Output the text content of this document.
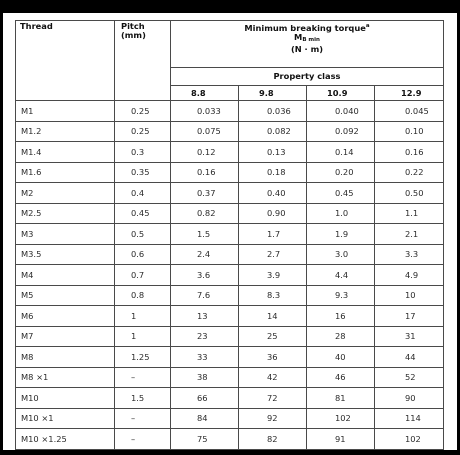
Thread	Pitch
(mm)	Minimum breaking torque$^a$
MB min
(N · m)			
		Property class			
		8.8	9.8	10.9	12.9
M1	0.25	0.033	0.036	0.040	0.045
M1.2	0.25	0.075	0.082	0.092	0.10
M1.4	0.3	0.12	0.13	0.14	0.16
M1.6	0.35	0.16	0.18	0.20	0.22
M2	0.4	0.37	0.40	0.45	0.50
M2.5	0.45	0.82	0.90	1.0	1.1
M3	0.5	1.5	1.7	1.9	2.1
M3.5	0.6	2.4	2.7	3.0	3.3
M4	0.7	3.6	3.9	4.4	4.9
M5	0.8	7.6	8.3	9.3	10
M6	1	13	14	16	17
M7	1	23	25	28	31
M8	1.25	33	36	40	44
M8 ×1	–	38	42	46	52
M10	1.5	66	72	81	90
M10 ×1	–	84	92	102	114
M10 ×1.25	–	75	82	91	102
